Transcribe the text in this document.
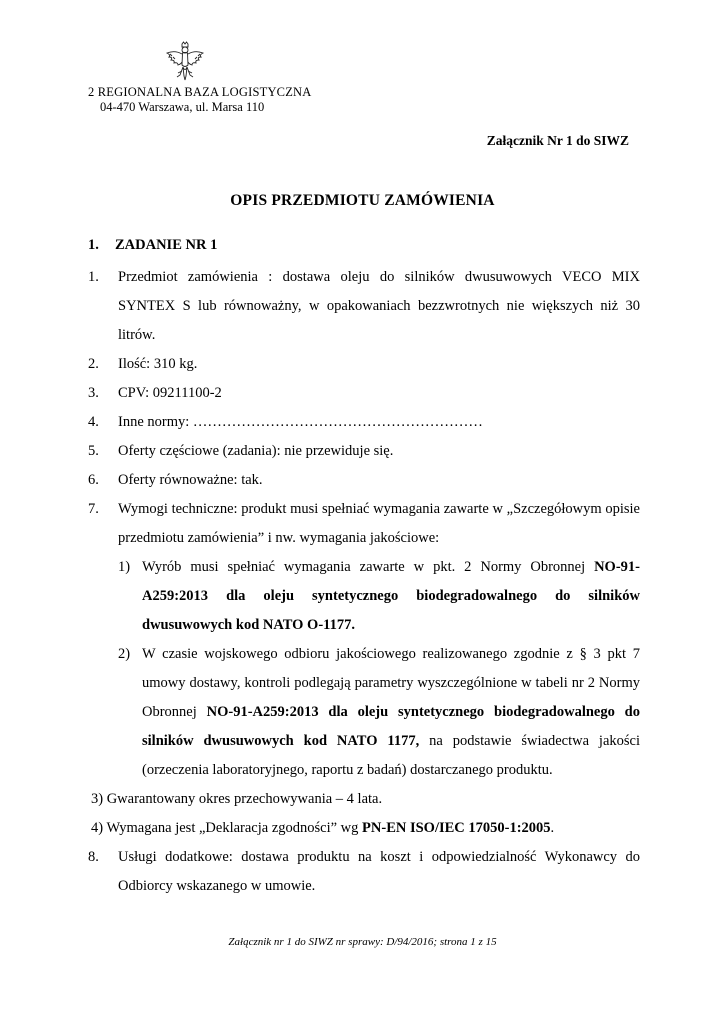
2 REGIONALNA BAZA LOGISTYCZNA
04-470 Warszawa, ul. Marsa 110
Załącznik Nr 1 do SIWZ
OPIS PRZEDMIOTU ZAMÓWIENIA
1. ZADANIE NR 1
1.	Przedmiot zamówienia : dostawa oleju do silników dwusuwowych VECO MIX SYNTEX S lub równoważny, w opakowaniach bezzwrotnych nie większych niż 30 litrów.
2.	Ilość: 310 kg.
3.	CPV: 09211100-2
4.	Inne normy: ……………………………………………………
5.	Oferty częściowe (zadania): nie przewiduje się.
6.	Oferty równoważne: tak.
7.	Wymogi techniczne: produkt musi spełniać wymagania zawarte w „Szczegółowym opisie przedmiotu zamówienia” i nw. wymagania jakościowe:
1) Wyrób musi spełniać wymagania zawarte w pkt. 2 Normy Obronnej NO-91-A259:2013 dla oleju syntetycznego biodegradowalnego do silników dwusuwowych kod NATO O-1177.
2) W czasie wojskowego odbioru jakościowego realizowanego zgodnie z § 3 pkt 7 umowy dostawy, kontroli podlegają parametry wyszczególnione w tabeli nr 2 Normy Obronnej NO-91-A259:2013 dla oleju syntetycznego biodegradowalnego do silników dwusuwowych kod NATO 1177, na podstawie świadectwa jakości (orzeczenia laboratoryjnego, raportu z badań) dostarczanego produktu.
3) Gwarantowany okres przechowywania – 4 lata.
4) Wymagana jest „Deklaracja zgodności” wg PN-EN ISO/IEC 17050-1:2005.
8.	Usługi dodatkowe: dostawa produktu na koszt i odpowiedzialność Wykonawcy do Odbiorcy wskazanego w umowie.
Załącznik nr 1 do SIWZ nr sprawy: D/94/2016; strona 1 z 15
